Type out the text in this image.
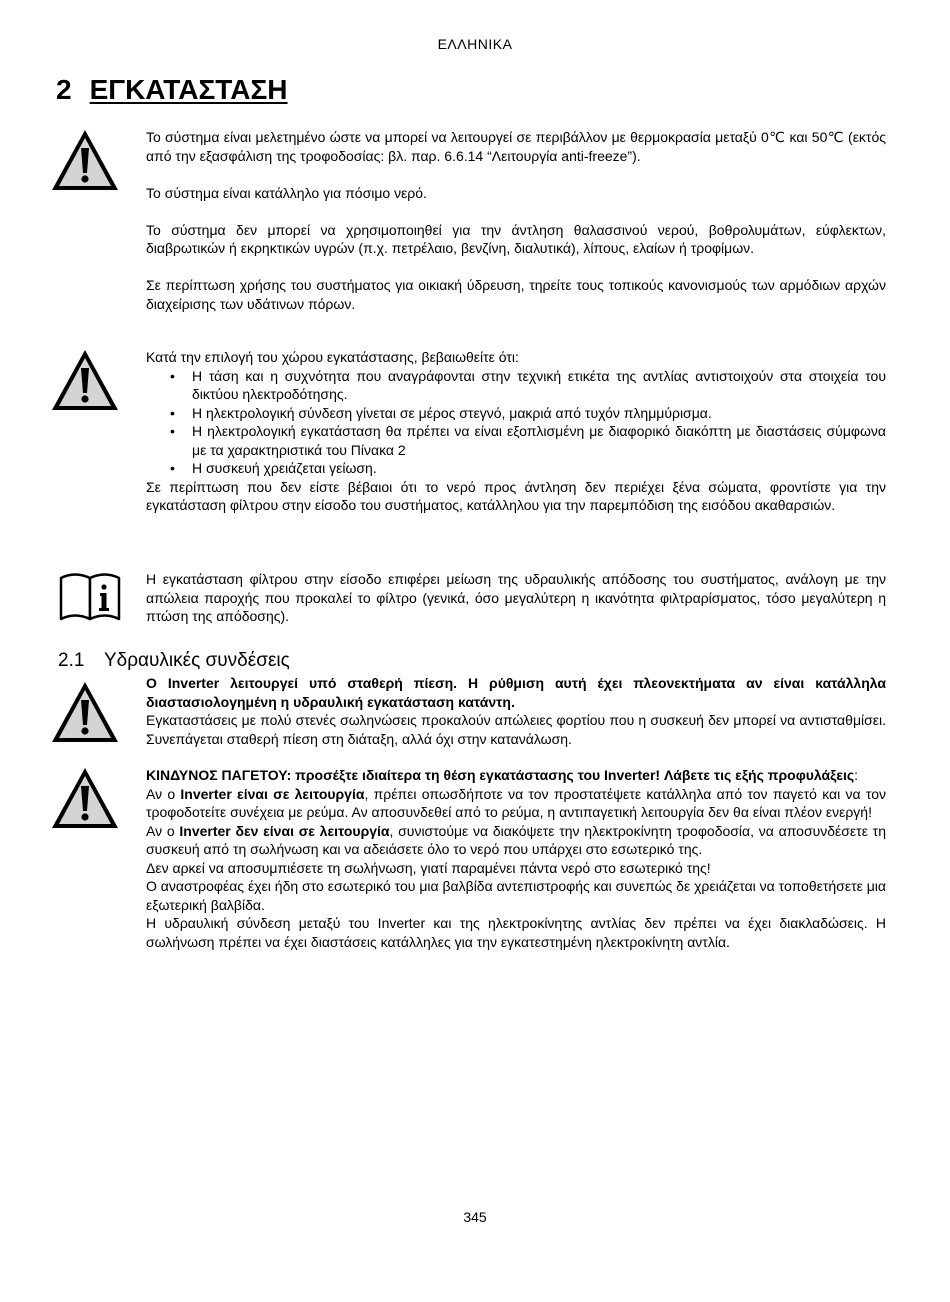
ΕΛΛΗΝΙΚΑ
2 ΕΓΚΑΤΑΣΤΑΣΗ

Το σύστημα είναι μελετημένο ώστε να μπορεί να λειτουργεί σε περιβάλλον με θερμοκρασία μεταξύ 0℃ και 50℃ (εκτός από την εξασφάλιση της τροφοδοσίας: βλ. παρ. 6.6.14 “Λειτουργία anti-freeze”).

Το σύστημα είναι κατάλληλο για πόσιμο νερό.

Το σύστημα δεν μπορεί να χρησιμοποιηθεί για την άντληση θαλασσινού νερού, βοθρολυμάτων, εύφλεκτων, διαβρωτικών ή εκρηκτικών υγρών (π.χ. πετρέλαιο, βενζίνη, διαλυτικά), λίπους, ελαίων ή τροφίμων.

Σε περίπτωση χρήσης του συστήματος για οικιακή ύδρευση, τηρείτε τους τοπικούς κανονισμούς των αρμόδιων αρχών διαχείρισης των υδάτινων πόρων.

Κατά την επιλογή του χώρου εγκατάστασης, βεβαιωθείτε ότι:

• Η τάση και η συχνότητα που αναγράφονται στην τεχνική ετικέτα της αντλίας αντιστοιχούν στα στοιχεία του δικτύου ηλεκτροδότησης.
• Η ηλεκτρολογική σύνδεση γίνεται σε μέρος στεγνό, μακριά από τυχόν πλημμύρισμα.
• Η ηλεκτρολογική εγκατάσταση θα πρέπει να είναι εξοπλισμένη με διαφορικό διακόπτη με διαστάσεις σύμφωνα με τα χαρακτηριστικά του Πίνακα 2
• Η συσκευή χρειάζεται γείωση.

Σε περίπτωση που δεν είστε βέβαιοι ότι το νερό προς άντληση δεν περιέχει ξένα σώματα, φροντίστε για την εγκατάσταση φίλτρου στην είσοδο του συστήματος, κατάλληλου για την παρεμπόδιση της εισόδου ακαθαρσιών.

Η εγκατάσταση φίλτρου στην είσοδο επιφέρει μείωση της υδραυλικής απόδοσης του συστήματος, ανάλογη με την απώλεια παροχής που προκαλεί το φίλτρο (γενικά, όσο μεγαλύτερη η ικανότητα φιλτραρίσματος, τόσο μεγαλύτερη η πτώση της απόδοσης).

2.1 Υδραυλικές συνδέσεις

Ο Inverter λειτουργεί υπό σταθερή πίεση. Η ρύθμιση αυτή έχει πλεονεκτήματα αν είναι κατάλληλα διαστασιολογημένη η υδραυλική εγκατάσταση κατάντη.

Εγκαταστάσεις με πολύ στενές σωληνώσεις προκαλούν απώλειες φορτίου που η συσκευή δεν μπορεί να αντισταθμίσει. Συνεπάγεται σταθερή πίεση στη διάταξη, αλλά όχι στην κατανάλωση.

ΚΙΝΔΥΝΟΣ ΠΑΓΕΤΟΥ: προσέξτε ιδιαίτερα τη θέση εγκατάστασης του Inverter! Λάβετε τις εξής προφυλάξεις:

Αν ο Inverter είναι σε λειτουργία, πρέπει οπωσδήποτε να τον προστατέψετε κατάλληλα από τον παγετό και να τον τροφοδοτείτε συνέχεια με ρεύμα. Αν αποσυνδεθεί από το ρεύμα, η αντιπαγετική λειτουργία δεν θα είναι πλέον ενεργή!

Αν ο Inverter δεν είναι σε λειτουργία, συνιστούμε να διακόψετε την ηλεκτροκίνητη τροφοδοσία, να αποσυνδέσετε τη συσκευή από τη σωλήνωση και να αδειάσετε όλο το νερό που υπάρχει στο εσωτερικό της.

Δεν αρκεί να αποσυμπιέσετε τη σωλήνωση, γιατί παραμένει πάντα νερό στο εσωτερικό της!

Ο αναστροφέας έχει ήδη στο εσωτερικό του μια βαλβίδα αντεπιστροφής και συνεπώς δε χρειάζεται να τοποθετήσετε μια εξωτερική βαλβίδα.

Η υδραυλική σύνδεση μεταξύ του Inverter και της ηλεκτροκίνητης αντλίας δεν πρέπει να έχει διακλαδώσεις. Η σωλήνωση πρέπει να έχει διαστάσεις κατάλληλες για την εγκατεστημένη ηλεκτροκίνητη αντλία.

345
